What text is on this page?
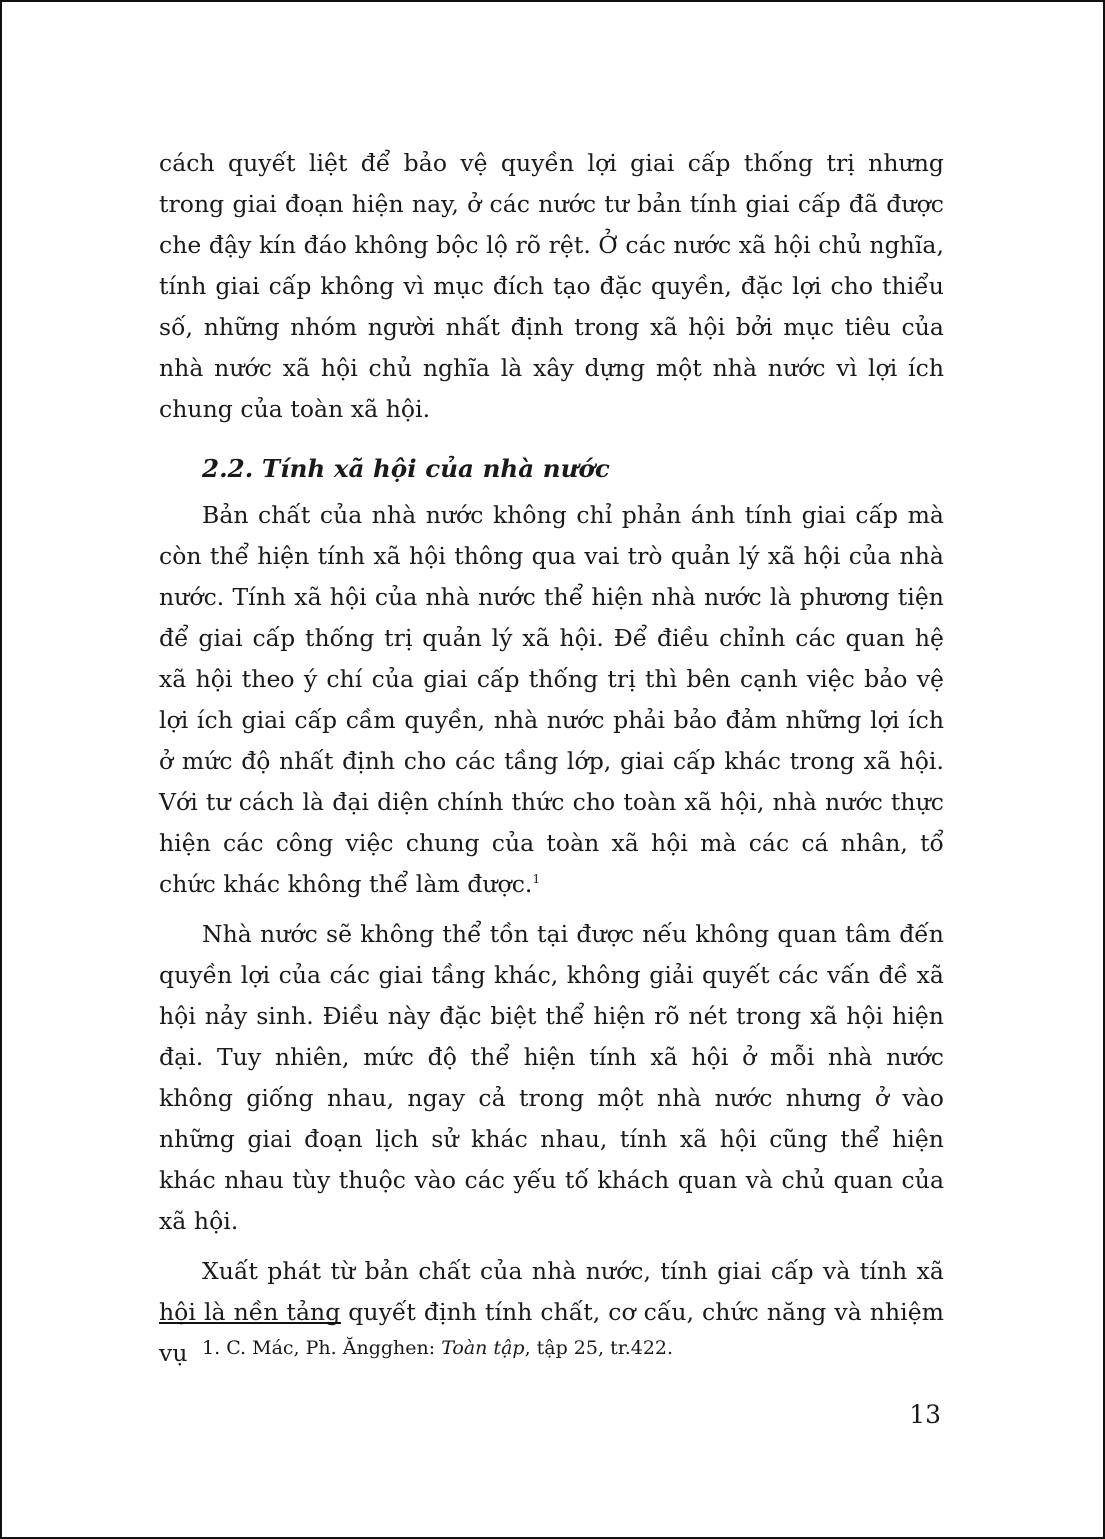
cách quyết liệt để bảo vệ quyền lợi giai cấp thống trị nhưng trong giai đoạn hiện nay, ở các nước tư bản tính giai cấp đã được che đậy kín đáo không bộc lộ rõ rệt. Ở các nước xã hội chủ nghĩa, tính giai cấp không vì mục đích tạo đặc quyền, đặc lợi cho thiểu số, những nhóm người nhất định trong xã hội bởi mục tiêu của nhà nước xã hội chủ nghĩa là xây dựng một nhà nước vì lợi ích chung của toàn xã hội.

2.2. Tính xã hội của nhà nước

Bản chất của nhà nước không chỉ phản ánh tính giai cấp mà còn thể hiện tính xã hội thông qua vai trò quản lý xã hội của nhà nước. Tính xã hội của nhà nước thể hiện nhà nước là phương tiện để giai cấp thống trị quản lý xã hội. Để điều chỉnh các quan hệ xã hội theo ý chí của giai cấp thống trị thì bên cạnh việc bảo vệ lợi ích giai cấp cầm quyền, nhà nước phải bảo đảm những lợi ích ở mức độ nhất định cho các tầng lớp, giai cấp khác trong xã hội. Với tư cách là đại diện chính thức cho toàn xã hội, nhà nước thực hiện các công việc chung của toàn xã hội mà các cá nhân, tổ chức khác không thể làm được.$^1$

Nhà nước sẽ không thể tồn tại được nếu không quan tâm đến quyền lợi của các giai tầng khác, không giải quyết các vấn đề xã hội nảy sinh. Điều này đặc biệt thể hiện rõ nét trong xã hội hiện đại. Tuy nhiên, mức độ thể hiện tính xã hội ở mỗi nhà nước không giống nhau, ngay cả trong một nhà nước nhưng ở vào những giai đoạn lịch sử khác nhau, tính xã hội cũng thể hiện khác nhau tùy thuộc vào các yếu tố khách quan và chủ quan của xã hội.

Xuất phát từ bản chất của nhà nước, tính giai cấp và tính xã hội là nền tảng quyết định tính chất, cơ cấu, chức năng và nhiệm vụ 1. C. Mác, Ph. Ăngghen: Toàn tập, tập 25, tr.422.

13
